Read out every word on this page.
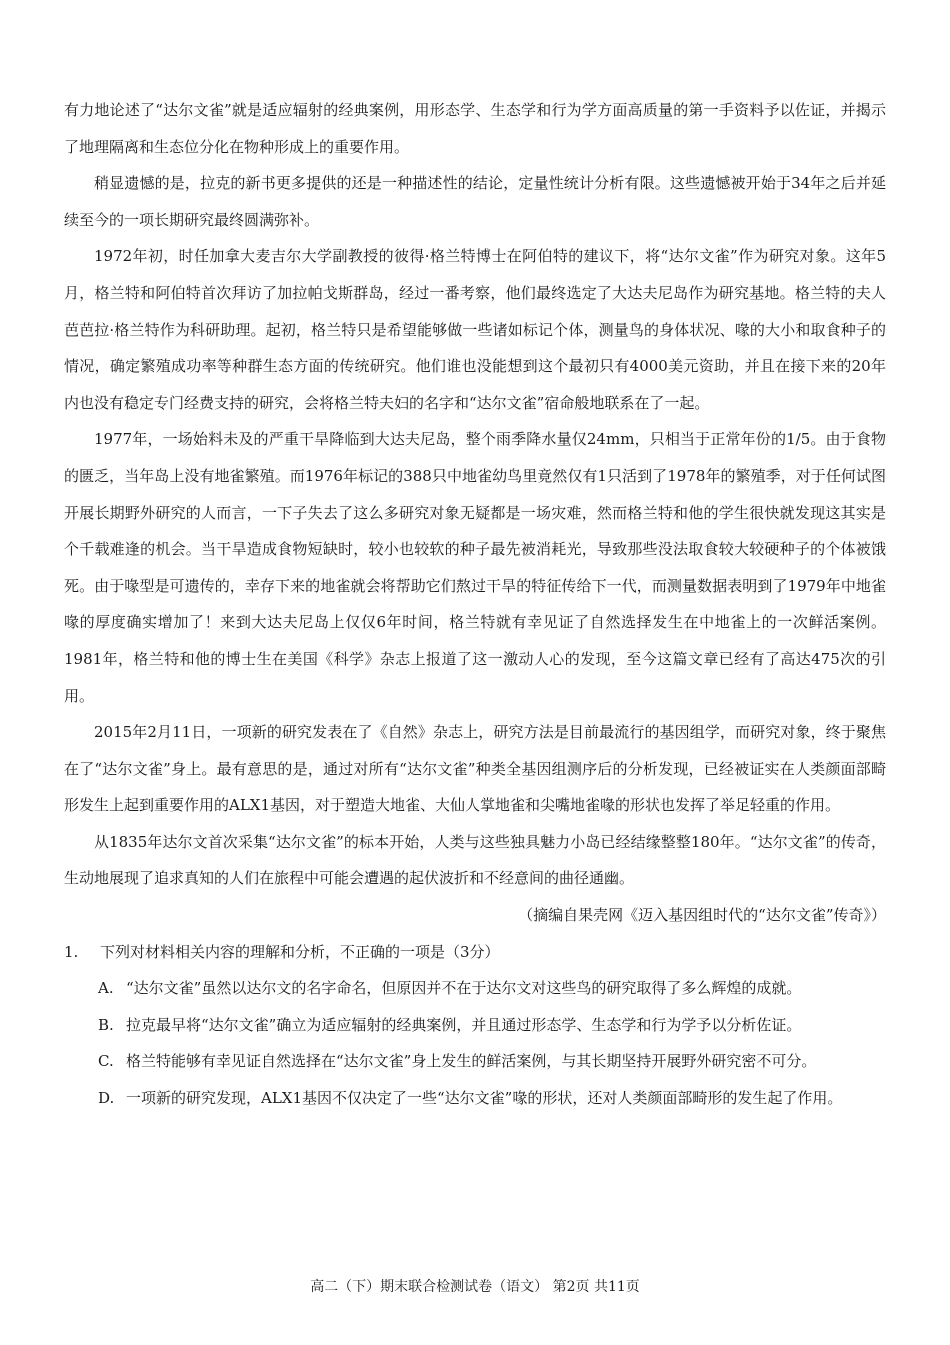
有力地论述了“达尔文雀”就是适应辐射的经典案例，用形态学、生态学和行为学方面高质量的第一手资料予以佐证，并揭示了地理隔离和生态位分化在物种形成上的重要作用。

稍显遗憾的是，拉克的新书更多提供的还是一种描述性的结论，定量性统计分析有限。这些遗憾被开始于34年之后并延续至今的一项长期研究最终圆满弥补。

1972年初，时任加拿大麦吉尔大学副教授的彼得·格兰特博士在阿伯特的建议下，将“达尔文雀”作为研究对象。这年5月，格兰特和阿伯特首次拜访了加拉帕戈斯群岛，经过一番考察，他们最终选定了大达夫尼岛作为研究基地。格兰特的夫人芭芭拉·格兰特作为科研助理。起初，格兰特只是希望能够做一些诸如标记个体，测量鸟的身体状况、喙的大小和取食种子的情况，确定繁殖成功率等种群生态方面的传统研究。他们谁也没能想到这个最初只有4000美元资助，并且在接下来的20年内也没有稳定专门经费支持的研究，会将格兰特夫妇的名字和“达尔文雀”宿命般地联系在了一起。

1977年，一场始料未及的严重干旱降临到大达夫尼岛，整个雨季降水量仅24mm，只相当于正常年份的1/5。由于食物的匮乏，当年岛上没有地雀繁殖。而1976年标记的388只中地雀幼鸟里竟然仅有1只活到了1978年的繁殖季，对于任何试图开展长期野外研究的人而言，一下子失去了这么多研究对象无疑都是一场灾难，然而格兰特和他的学生很快就发现这其实是个千载难逢的机会。当干旱造成食物短缺时，较小也较软的种子最先被消耗光，导致那些没法取食较大较硬种子的个体被饿死。由于喙型是可遗传的，幸存下来的地雀就会将帮助它们熬过干旱的特征传给下一代，而测量数据表明到了1979年中地雀喙的厚度确实增加了！来到大达夫尼岛上仅仅6年时间，格兰特就有幸见证了自然选择发生在中地雀上的一次鲜活案例。1981年，格兰特和他的博士生在美国《科学》杂志上报道了这一激动人心的发现，至今这篇文章已经有了高达475次的引用。

2015年2月11日，一项新的研究发表在了《自然》杂志上，研究方法是目前最流行的基因组学，而研究对象，终于聚焦在了“达尔文雀”身上。最有意思的是，通过对所有“达尔文雀”种类全基因组测序后的分析发现，已经被证实在人类颜面部畸形发生上起到重要作用的ALX1基因，对于塑造大地雀、大仙人掌地雀和尖嘴地雀喙的形状也发挥了举足轻重的作用。

从1835年达尔文首次采集“达尔文雀”的标本开始，人类与这些独具魅力小岛已经结缘整整180年。“达尔文雀”的传奇，生动地展现了追求真知的人们在旅程中可能会遭遇的起伏波折和不经意间的曲径通幽。

（摘编自果壳网《迈入基因组时代的“达尔文雀”传奇》）

1.	下列对材料相关内容的理解和分析，不正确的一项是（3分）

A. “达尔文雀”虽然以达尔文的名字命名，但原因并不在于达尔文对这些鸟的研究取得了多么辉煌的成就。

B. 拉克最早将“达尔文雀”确立为适应辐射的经典案例，并且通过形态学、生态学和行为学予以分析佐证。

C. 格兰特能够有幸见证自然选择在“达尔文雀”身上发生的鲜活案例，与其长期坚持开展野外研究密不可分。

D. 一项新的研究发现，ALX1基因不仅决定了一些“达尔文雀”喙的形状，还对人类颜面部畸形的发生起了作用。

高二（下）期末联合检测试卷（语文） 第2页 共11页
